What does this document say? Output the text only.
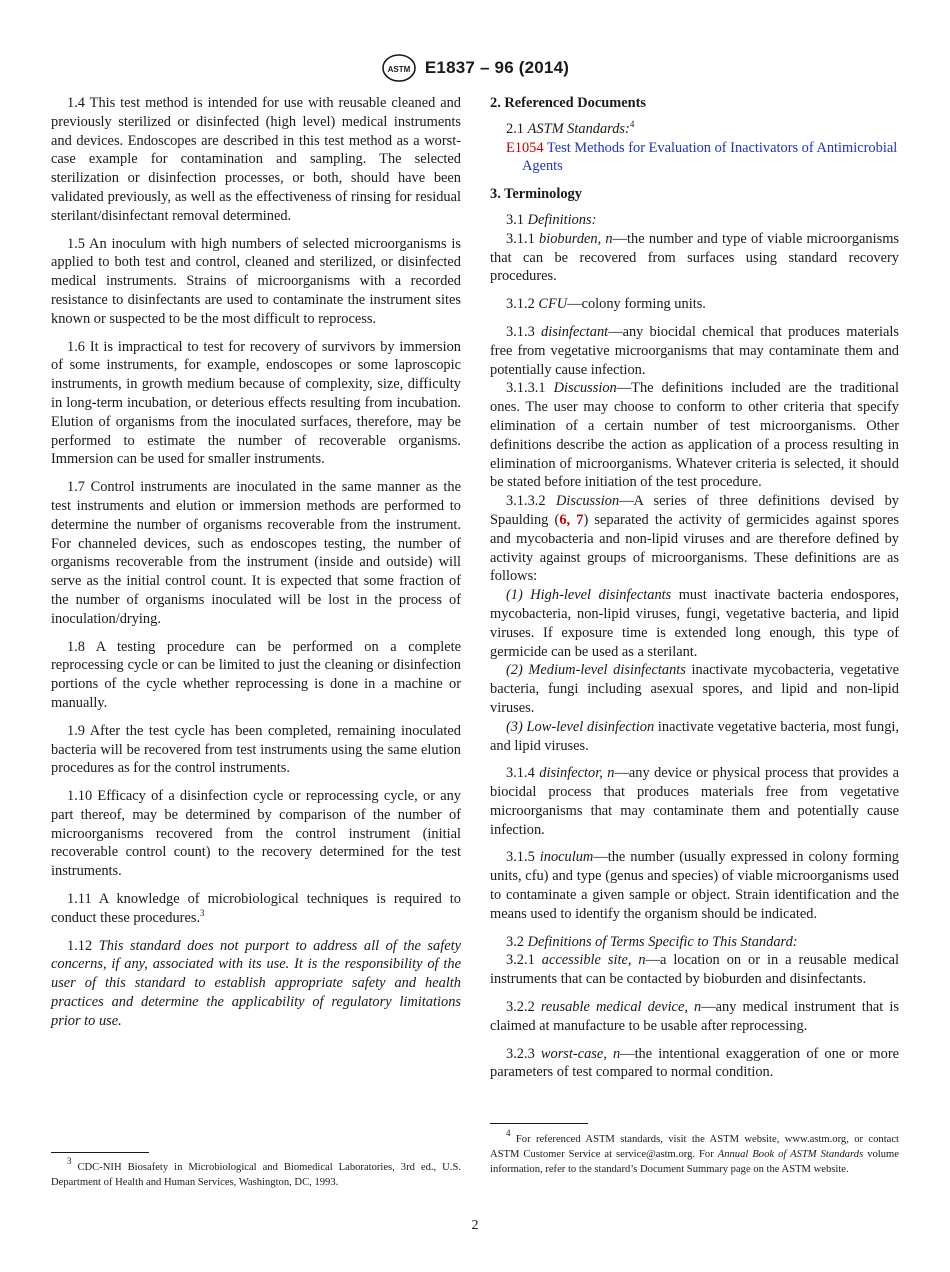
ASTM E1837 – 96 (2014)

1.4 This test method is intended for use with reusable cleaned and previously sterilized or disinfected (high level) medical instruments and devices. Endoscopes are described in this test method as a worst-case example for contamination and sampling. The selected sterilization or disinfection processes, or both, should have been validated previously, as well as the effectiveness of rinsing for residual sterilant/disinfectant removal determined.

1.5 An inoculum with high numbers of selected microorganisms is applied to both test and control, cleaned and sterilized, or disinfected medical instruments. Strains of microorganisms with a recorded resistance to disinfectants are used to contaminate the instrument sites known or suspected to be the most difficult to reprocess.

1.6 It is impractical to test for recovery of survivors by immersion of some instruments, for example, endoscopes or some laproscopic instruments, in growth medium because of complexity, size, difficulty in long-term incubation, or deterious effects resulting from incubation. Elution of organisms from the inoculated surfaces, therefore, may be performed to estimate the number of recoverable organisms. Immersion can be used for smaller instruments.

1.7 Control instruments are inoculated in the same manner as the test instruments and elution or immersion methods are performed to determine the number of organisms recoverable from the instrument. For channeled devices, such as endoscopes testing, the number of organisms recoverable from the instrument (inside and outside) will serve as the initial control count. It is expected that some fraction of the number of organisms inoculated will be lost in the process of inoculation/drying.

1.8 A testing procedure can be performed on a complete reprocessing cycle or can be limited to just the cleaning or disinfection portions of the cycle whether reprocessing is done in a machine or manually.

1.9 After the test cycle has been completed, remaining inoculated bacteria will be recovered from test instruments using the same elution procedures as for the control instruments.

1.10 Efficacy of a disinfection cycle or reprocessing cycle, or any part thereof, may be determined by comparison of the number of microorganisms recovered from the control instrument (initial recoverable control count) to the recovery determined for the test instruments.

1.11 A knowledge of microbiological techniques is required to conduct these procedures.$^3$

1.12 This standard does not purport to address all of the safety concerns, if any, associated with its use. It is the responsibility of the user of this standard to establish appropriate safety and health practices and determine the applicability of regulatory limitations prior to use.

$^3$ CDC-NIH Biosafety in Microbiological and Biomedical Laboratories, 3rd ed., U.S. Department of Health and Human Services, Washington, DC, 1993.

2. Referenced Documents

2.1 ASTM Standards:$^4$

E1054 Test Methods for Evaluation of Inactivators of Antimicrobial Agents

3. Terminology

3.1 Definitions:

3.1.1 bioburden, n—the number and type of viable microorganisms that can be recovered from surfaces using standard recovery procedures.

3.1.2 CFU—colony forming units.

3.1.3 disinfectant—any biocidal chemical that produces materials free from vegetative microorganisms that may contaminate them and potentially cause infection.

3.1.3.1 Discussion—The definitions included are the traditional ones. The user may choose to conform to other criteria that specify elimination of a certain number of test microorganisms. Other definitions describe the action as application of a process resulting in elimination of microorganisms. Whatever criteria is selected, it should be stated before initiation of the test procedure.

3.1.3.2 Discussion—A series of three definitions devised by Spaulding (6, 7) separated the activity of germicides against spores and mycobacteria and non-lipid viruses and are therefore defined by activity against groups of microorganisms. These definitions are as follows:

(1) High-level disinfectants must inactivate bacteria endospores, mycobacteria, non-lipid viruses, fungi, vegetative bacteria, and lipid viruses. If exposure time is extended long enough, this type of germicide can be used as a sterilant.

(2) Medium-level disinfectants inactivate mycobacteria, vegetative bacteria, fungi including asexual spores, and lipid and non-lipid viruses.

(3) Low-level disinfection inactivate vegetative bacteria, most fungi, and lipid viruses.

3.1.4 disinfector, n—any device or physical process that provides a biocidal process that produces materials free from vegetative microorganisms that may contaminate them and potentially cause infection.

3.1.5 inoculum—the number (usually expressed in colony forming units, cfu) and type (genus and species) of viable microorganisms used to contaminate a given sample or object. Strain identification and the means used to identify the organism should be indicated.

3.2 Definitions of Terms Specific to This Standard:

3.2.1 accessible site, n—a location on or in a reusable medical instruments that can be contacted by bioburden and disinfectants.

3.2.2 reusable medical device, n—any medical instrument that is claimed at manufacture to be usable after reprocessing.

3.2.3 worst-case, n—the intentional exaggeration of one or more parameters of test compared to normal condition.

$^4$ For referenced ASTM standards, visit the ASTM website, www.astm.org, or contact ASTM Customer Service at service@astm.org. For Annual Book of ASTM Standards volume information, refer to the standard’s Document Summary page on the ASTM website.

2
